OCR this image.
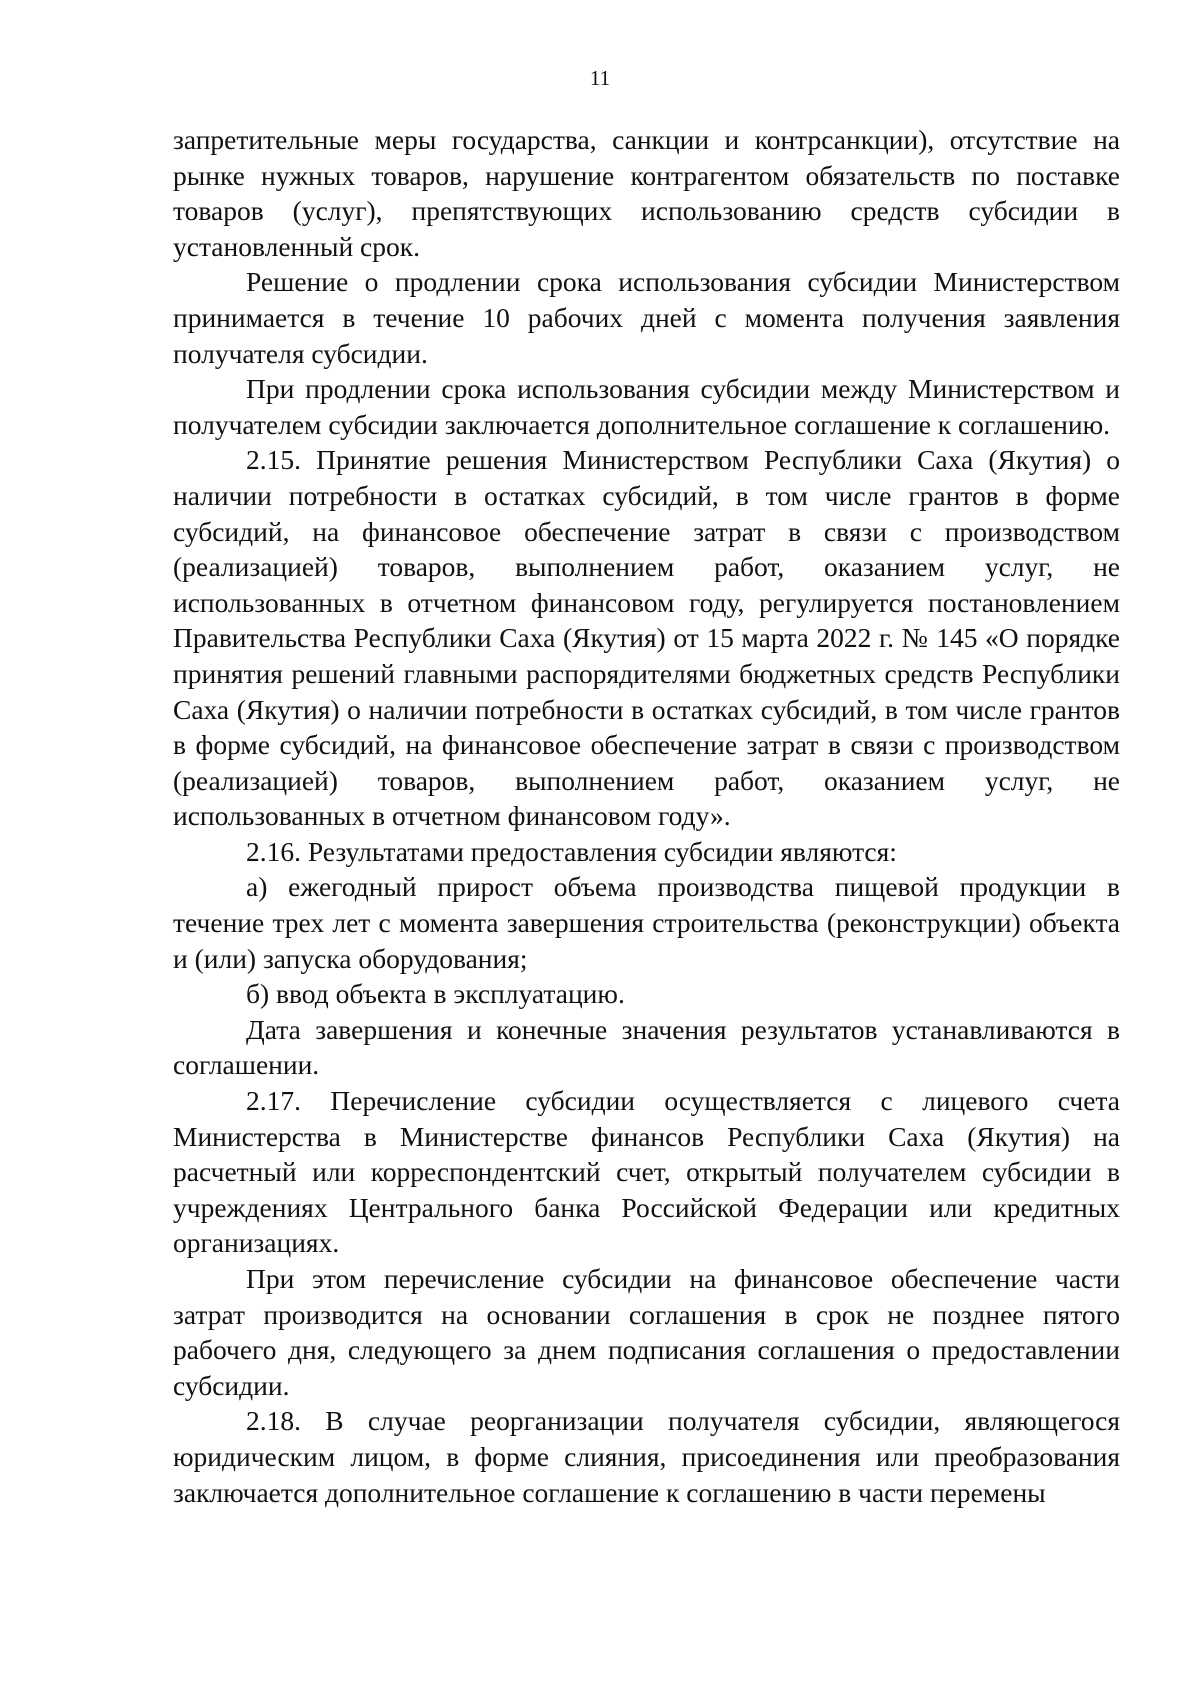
11

запретительные меры государства, санкции и контрсанкции), отсутствие на рынке нужных товаров, нарушение контрагентом обязательств по поставке товаров (услуг), препятствующих использованию средств субсидии в установленный срок.

Решение о продлении срока использования субсидии Министерством принимается в течение 10 рабочих дней с момента получения заявления получателя субсидии.

При продлении срока использования субсидии между Министерством и получателем субсидии заключается дополнительное соглашение к соглашению.

2.15. Принятие решения Министерством Республики Саха (Якутия) о наличии потребности в остатках субсидий, в том числе грантов в форме субсидий, на финансовое обеспечение затрат в связи с производством (реализацией) товаров, выполнением работ, оказанием услуг, не использованных в отчетном финансовом году, регулируется постановлением Правительства Республики Саха (Якутия) от 15 марта 2022 г. № 145 «О порядке принятия решений главными распорядителями бюджетных средств Республики Саха (Якутия) о наличии потребности в остатках субсидий, в том числе грантов в форме субсидий, на финансовое обеспечение затрат в связи с производством (реализацией) товаров, выполнением работ, оказанием услуг, не использованных в отчетном финансовом году».

2.16. Результатами предоставления субсидии являются:

а) ежегодный прирост объема производства пищевой продукции в течение трех лет с момента завершения строительства (реконструкции) объекта и (или) запуска оборудования;

б) ввод объекта в эксплуатацию.

Дата завершения и конечные значения результатов устанавливаются в соглашении.

2.17. Перечисление субсидии осуществляется с лицевого счета Министерства в Министерстве финансов Республики Саха (Якутия) на расчетный или корреспондентский счет, открытый получателем субсидии в учреждениях Центрального банка Российской Федерации или кредитных организациях.

При этом перечисление субсидии на финансовое обеспечение части затрат производится на основании соглашения в срок не позднее пятого рабочего дня, следующего за днем подписания соглашения о предоставлении субсидии.

2.18. В случае реорганизации получателя субсидии, являющегося юридическим лицом, в форме слияния, присоединения или преобразования заключается дополнительное соглашение к соглашению в части перемены
